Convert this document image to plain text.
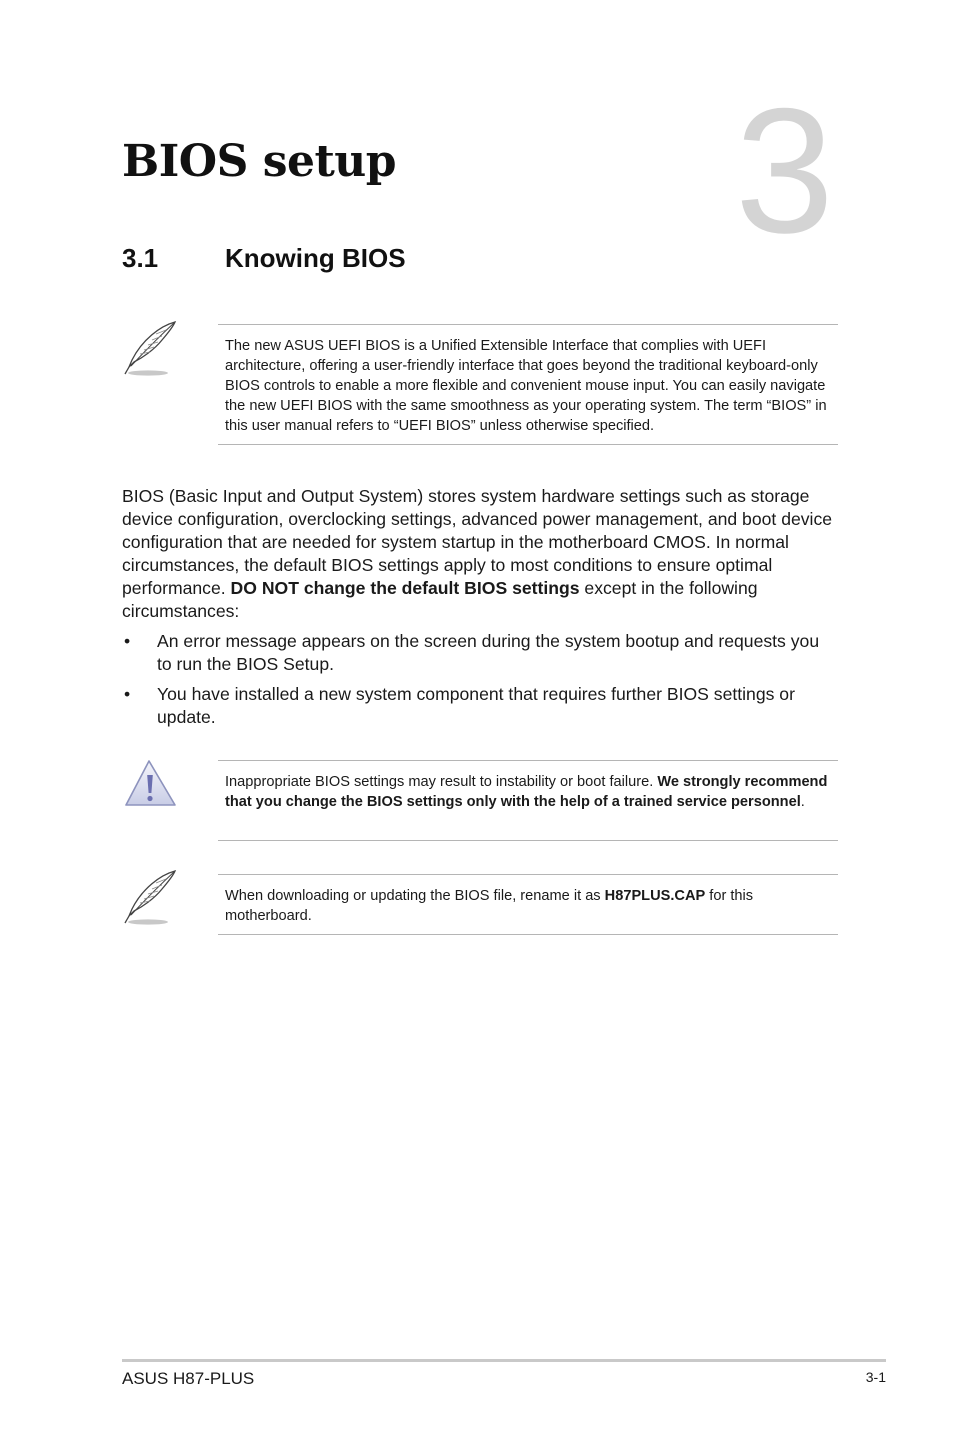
3
BIOS setup
3.1	Knowing BIOS
The new ASUS UEFI BIOS is a Unified Extensible Interface that complies with UEFI architecture, offering a user-friendly interface that goes beyond the traditional keyboard-only BIOS controls to enable a more flexible and convenient mouse input. You can easily navigate the new UEFI BIOS with the same smoothness as your operating system. The term “BIOS” in this user manual refers to “UEFI BIOS” unless otherwise specified.

BIOS (Basic Input and Output System) stores system hardware settings such as storage device configuration, overclocking settings, advanced power management, and boot device configuration that are needed for system startup in the motherboard CMOS. In normal circumstances, the default BIOS settings apply to most conditions to ensure optimal performance. DO NOT change the default BIOS settings except in the following circumstances:

• An error message appears on the screen during the system bootup and requests you to run the BIOS Setup.
• You have installed a new system component that requires further BIOS settings or update.
Inappropriate BIOS settings may result to instability or boot failure. We strongly recommend that you change the BIOS settings only with the help of a trained service personnel.
When downloading or updating the BIOS file, rename it as H87PLUS.CAP for this motherboard.
ASUS H87-PLUS	3-1
